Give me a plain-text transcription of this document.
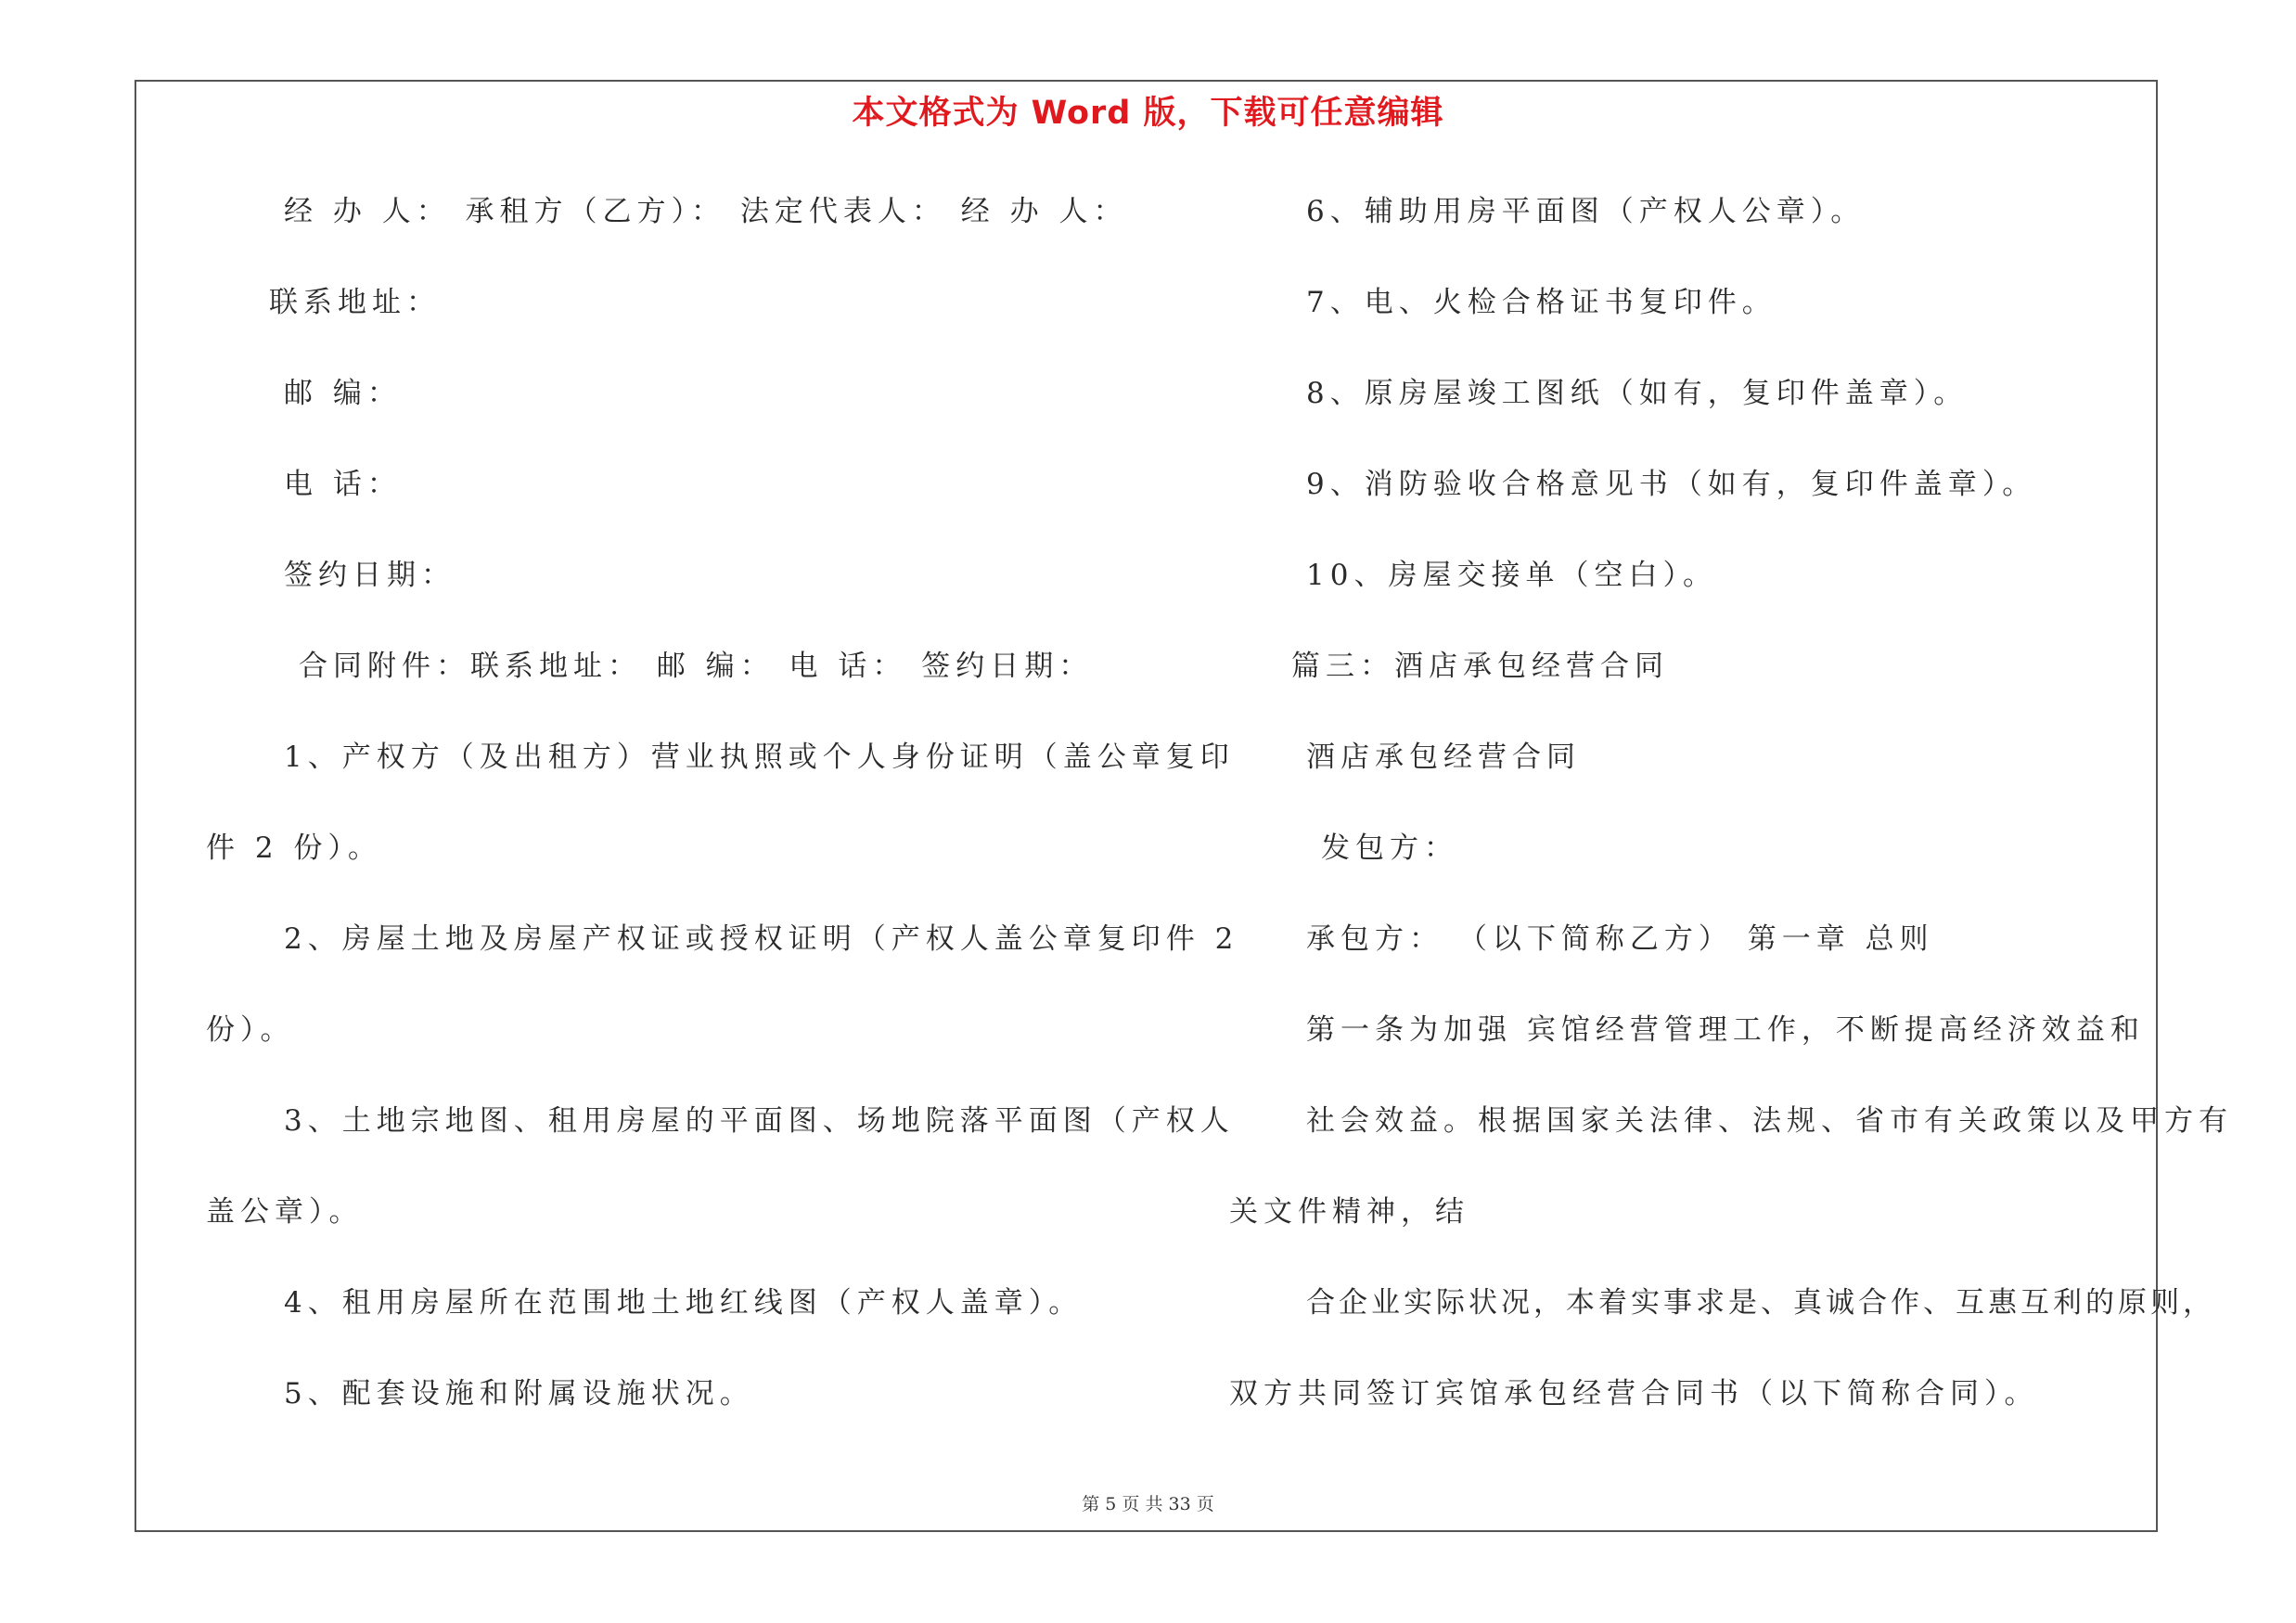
本文格式为 Word 版，下载可任意编辑
经 办 人： 承租方（乙方）： 法定代表人： 经 办 人：
联系地址：
邮 编：
电 话：
签约日期：
合同附件：联系地址： 邮 编： 电 话： 签约日期：
1、产权方（及出租方）营业执照或个人身份证明（盖公章复印
件 2 份）。
2、房屋土地及房屋产权证或授权证明（产权人盖公章复印件 2
份）。
3、土地宗地图、租用房屋的平面图、场地院落平面图（产权人
盖公章）。
4、租用房屋所在范围地土地红线图（产权人盖章）。
5、配套设施和附属设施状况。
6、辅助用房平面图（产权人公章）。
7、电、火检合格证书复印件。
8、原房屋竣工图纸（如有，复印件盖章）。
9、消防验收合格意见书（如有，复印件盖章）。
10、房屋交接单（空白）。
篇三：酒店承包经营合同
酒店承包经营合同
发包方：
承包方： （以下简称乙方） 第一章 总则
第一条为加强 宾馆经营管理工作，不断提高经济效益和
社会效益。根据国家关法律、法规、省市有关政策以及甲方有
关文件精神，结
合企业实际状况，本着实事求是、真诚合作、互惠互利的原则，
双方共同签订宾馆承包经营合同书（以下简称合同）。
第 5 页 共 33 页
